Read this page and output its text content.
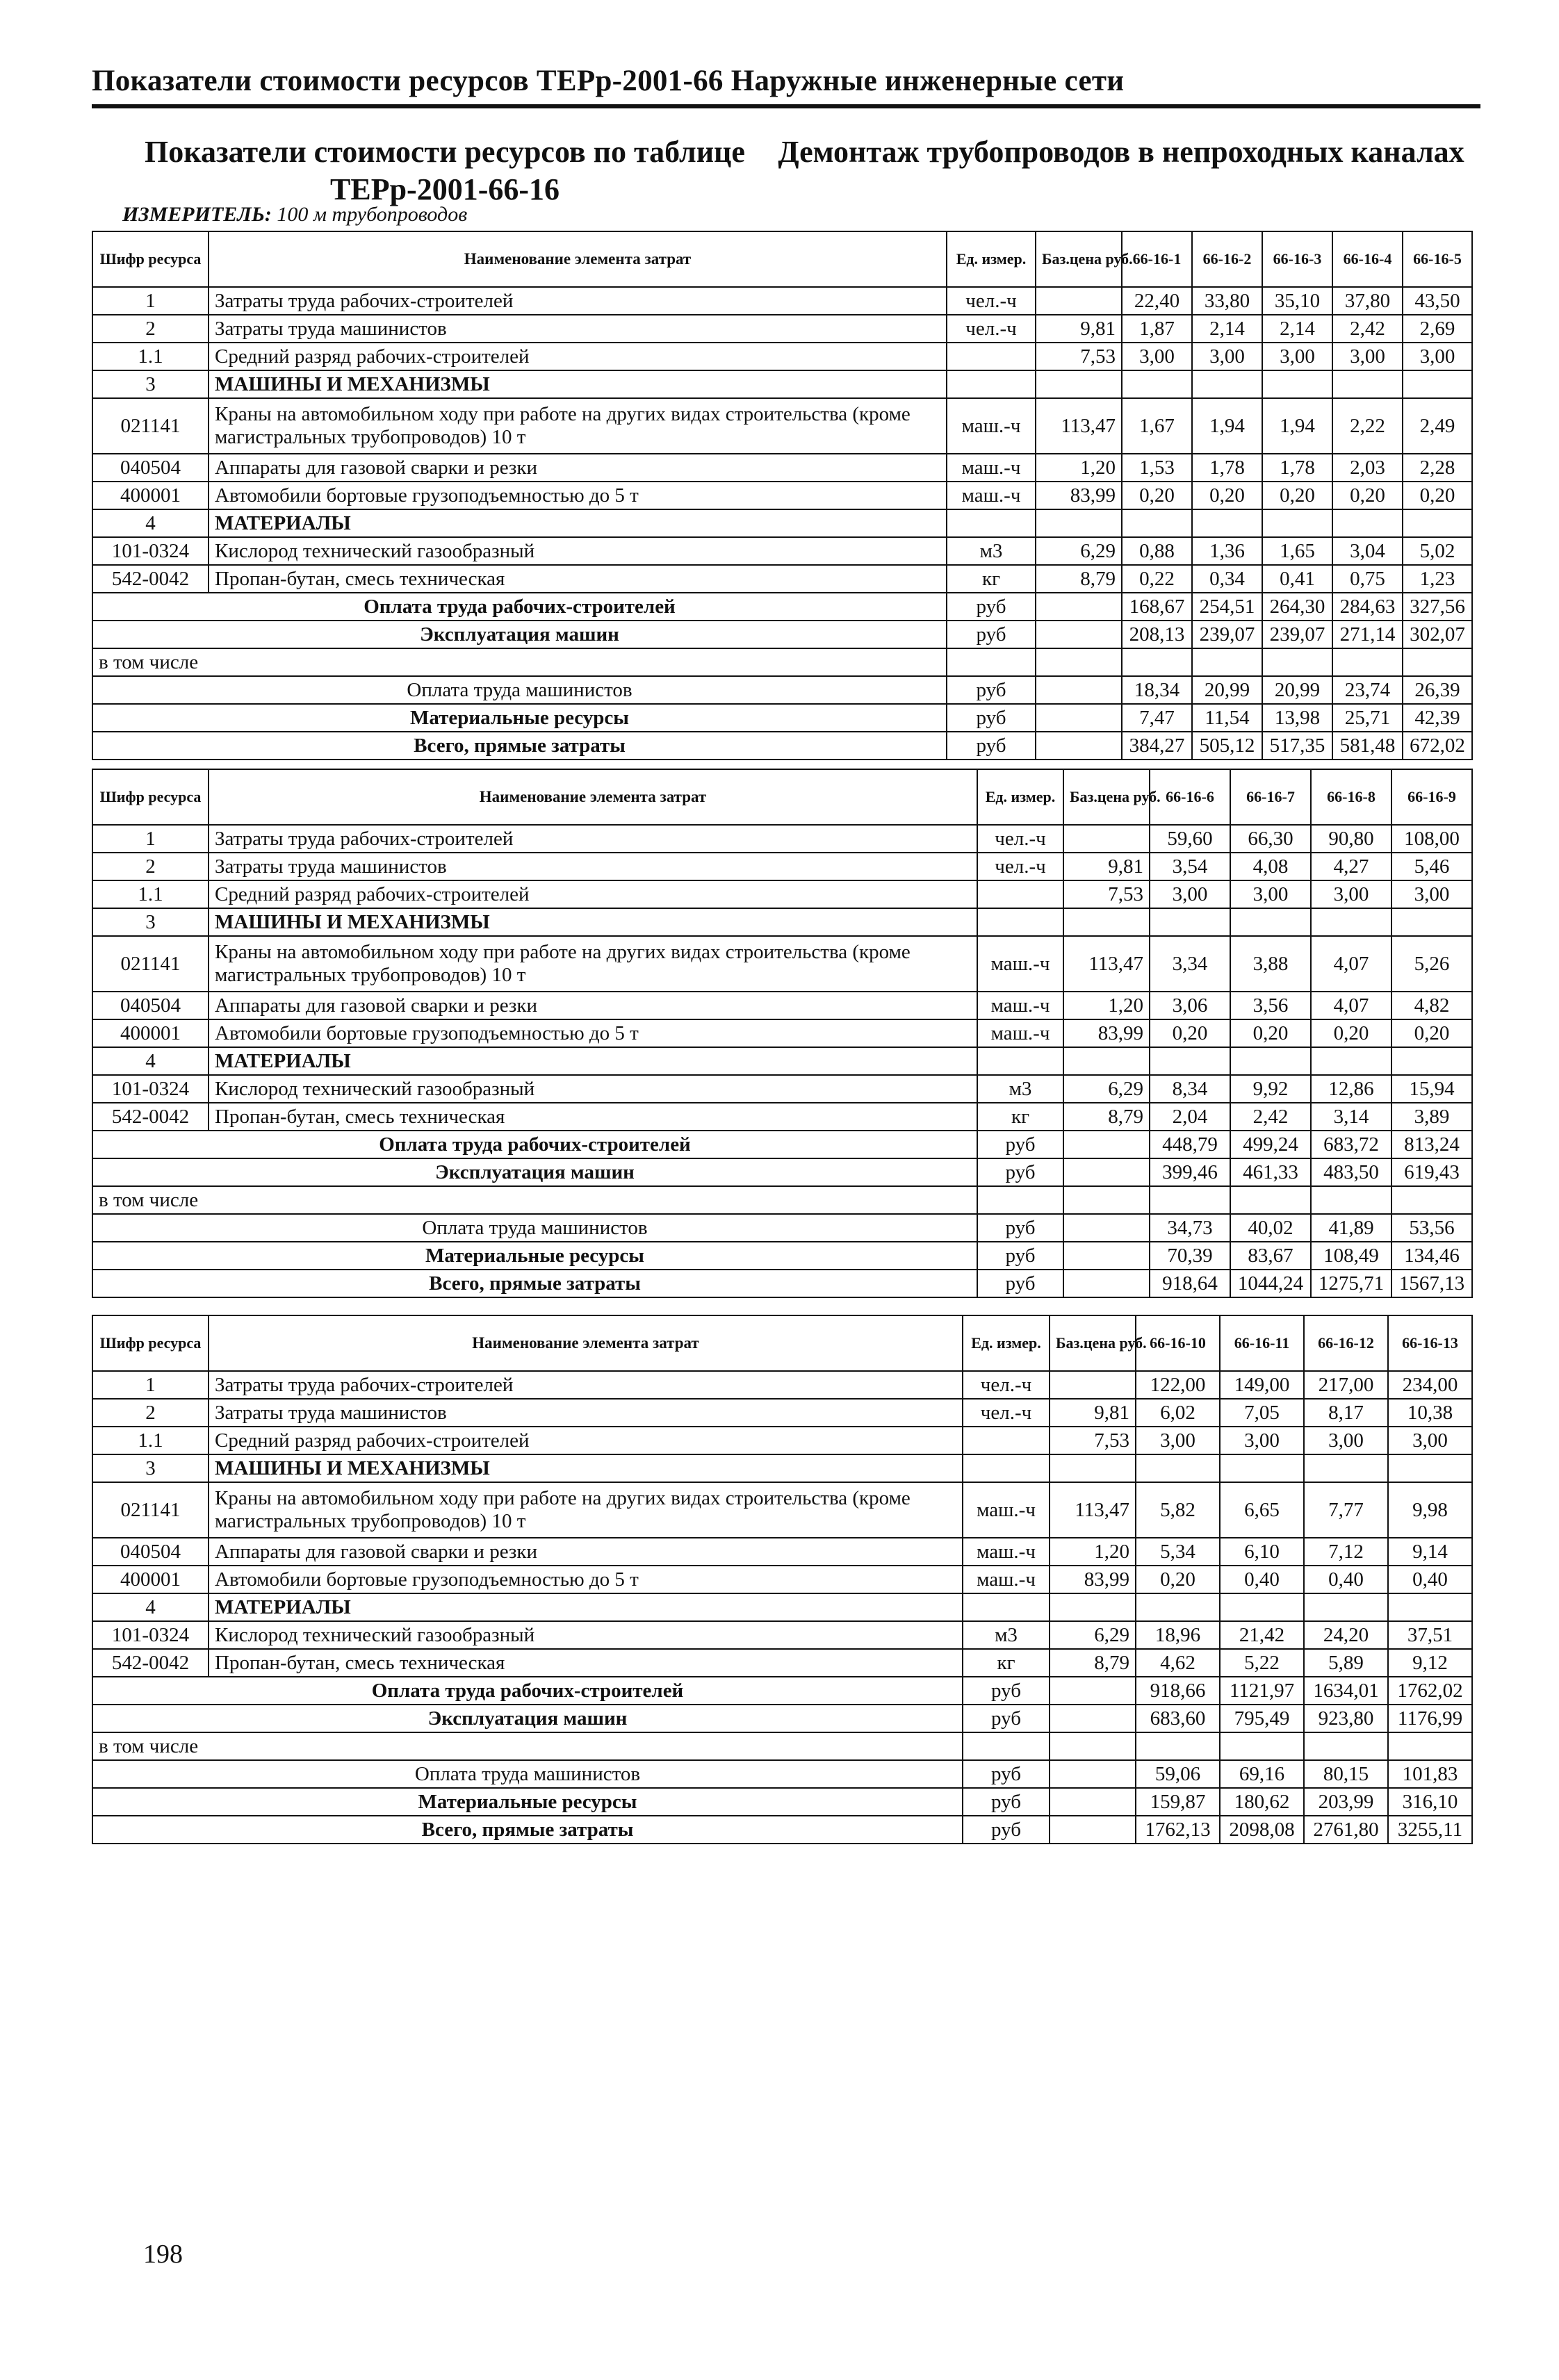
Показатели стоимости ресурсов ТЕРр-2001-66 Наружные инженерные сети
Показатели стоимости ресурсов по таблице ТЕРр-2001-66-16
Демонтаж трубопроводов в непроходных каналах
ИЗМЕРИТЕЛЬ: 100 м трубопроводов
Шифр ресурса	Наименование элемента затрат	Ед. измер.	Баз.цена руб.	66-16-1	66-16-2	66-16-3	66-16-4	66-16-5
1	Затраты труда рабочих-строителей	чел.-ч		22,40	33,80	35,10	37,80	43,50
2	Затраты труда машинистов	чел.-ч	9,81	1,87	2,14	2,14	2,42	2,69
1.1	Средний разряд рабочих-строителей		7,53	3,00	3,00	3,00	3,00	3,00
3	МАШИНЫ И МЕХАНИЗМЫ							
021141	Краны на автомобильном ходу при работе на других видах строительства (кроме магистральных трубопроводов) 10 т	маш.-ч	113,47	1,67	1,94	1,94	2,22	2,49
040504	Аппараты для газовой сварки и резки	маш.-ч	1,20	1,53	1,78	1,78	2,03	2,28
400001	Автомобили бортовые грузоподъемностью до 5 т	маш.-ч	83,99	0,20	0,20	0,20	0,20	0,20
4	МАТЕРИАЛЫ							
101-0324	Кислород технический газообразный	м3	6,29	0,88	1,36	1,65	3,04	5,02
542-0042	Пропан-бутан, смесь техническая	кг	8,79	0,22	0,34	0,41	0,75	1,23
Оплата труда рабочих-строителей		руб		168,67	254,51	264,30	284,63	327,56
Эксплуатация машин		руб		208,13	239,07	239,07	271,14	302,07
в том числе								
Оплата труда машинистов		руб		18,34	20,99	20,99	23,74	26,39
Материальные ресурсы		руб		7,47	11,54	13,98	25,71	42,39
Всего, прямые затраты		руб		384,27	505,12	517,35	581,48	672,02
Шифр ресурса	Наименование элемента затрат	Ед. измер.	Баз.цена руб.	66-16-6	66-16-7	66-16-8	66-16-9
1	Затраты труда рабочих-строителей	чел.-ч		59,60	66,30	90,80	108,00
2	Затраты труда машинистов	чел.-ч	9,81	3,54	4,08	4,27	5,46
1.1	Средний разряд рабочих-строителей		7,53	3,00	3,00	3,00	3,00
3	МАШИНЫ И МЕХАНИЗМЫ						
021141	Краны на автомобильном ходу при работе на других видах строительства (кроме магистральных трубопроводов) 10 т	маш.-ч	113,47	3,34	3,88	4,07	5,26
040504	Аппараты для газовой сварки и резки	маш.-ч	1,20	3,06	3,56	4,07	4,82
400001	Автомобили бортовые грузоподъемностью до 5 т	маш.-ч	83,99	0,20	0,20	0,20	0,20
4	МАТЕРИАЛЫ						
101-0324	Кислород технический газообразный	м3	6,29	8,34	9,92	12,86	15,94
542-0042	Пропан-бутан, смесь техническая	кг	8,79	2,04	2,42	3,14	3,89
Оплата труда рабочих-строителей		руб		448,79	499,24	683,72	813,24
Эксплуатация машин		руб		399,46	461,33	483,50	619,43
в том числе							
Оплата труда машинистов		руб		34,73	40,02	41,89	53,56
Материальные ресурсы		руб		70,39	83,67	108,49	134,46
Всего, прямые затраты		руб		918,64	1044,24	1275,71	1567,13
Шифр ресурса	Наименование элемента затрат	Ед. измер.	Баз.цена руб.	66-16-10	66-16-11	66-16-12	66-16-13
1	Затраты труда рабочих-строителей	чел.-ч		122,00	149,00	217,00	234,00
2	Затраты труда машинистов	чел.-ч	9,81	6,02	7,05	8,17	10,38
1.1	Средний разряд рабочих-строителей		7,53	3,00	3,00	3,00	3,00
3	МАШИНЫ И МЕХАНИЗМЫ						
021141	Краны на автомобильном ходу при работе на других видах строительства (кроме магистральных трубопроводов) 10 т	маш.-ч	113,47	5,82	6,65	7,77	9,98
040504	Аппараты для газовой сварки и резки	маш.-ч	1,20	5,34	6,10	7,12	9,14
400001	Автомобили бортовые грузоподъемностью до 5 т	маш.-ч	83,99	0,20	0,40	0,40	0,40
4	МАТЕРИАЛЫ						
101-0324	Кислород технический газообразный	м3	6,29	18,96	21,42	24,20	37,51
542-0042	Пропан-бутан, смесь техническая	кг	8,79	4,62	5,22	5,89	9,12
Оплата труда рабочих-строителей		руб		918,66	1121,97	1634,01	1762,02
Эксплуатация машин		руб		683,60	795,49	923,80	1176,99
в том числе							
Оплата труда машинистов		руб		59,06	69,16	80,15	101,83
Материальные ресурсы		руб		159,87	180,62	203,99	316,10
Всего, прямые затраты		руб		1762,13	2098,08	2761,80	3255,11
198
